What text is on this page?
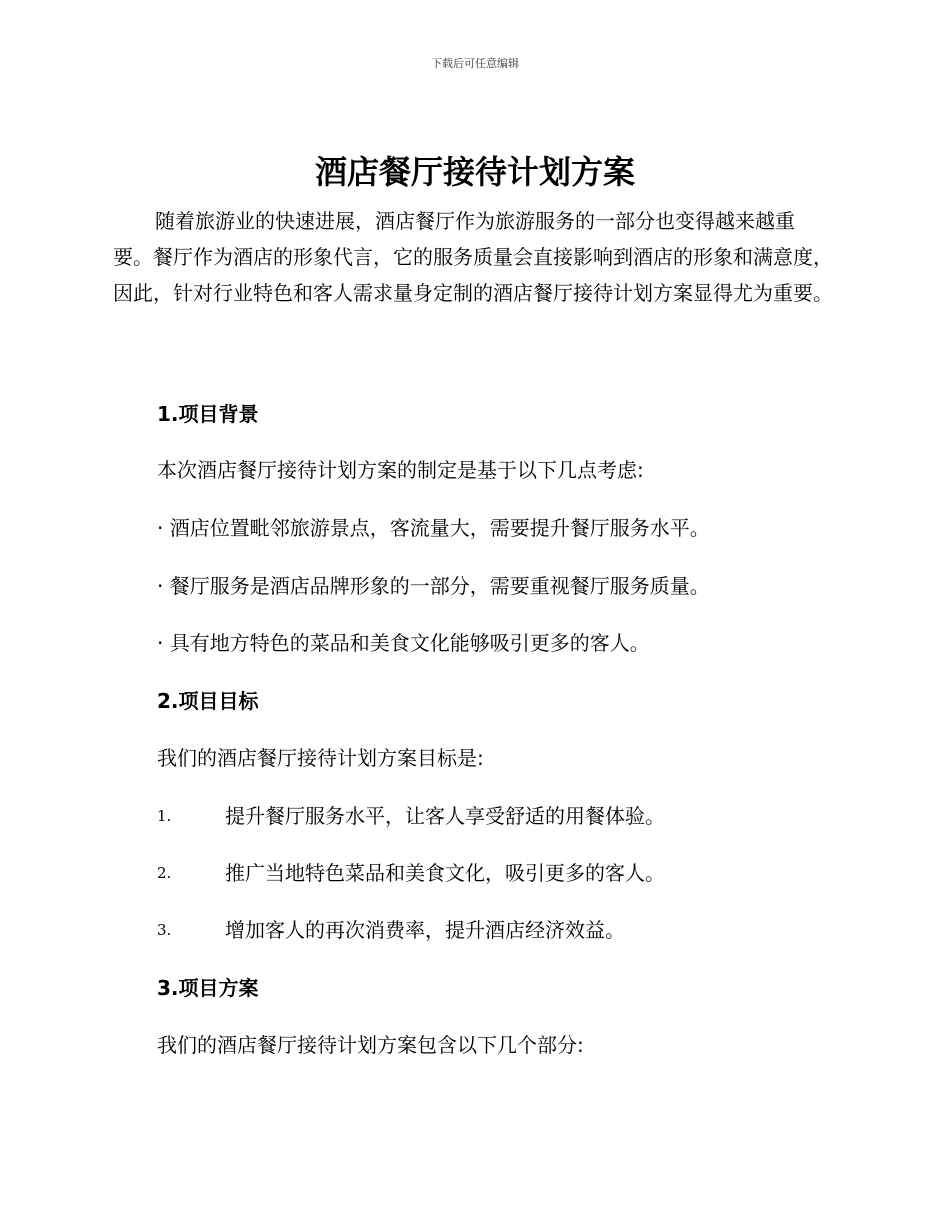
下载后可任意编辑
酒店餐厅接待计划方案

随着旅游业的快速进展，酒店餐厅作为旅游服务的一部分也变得越来越重要。餐厅作为酒店的形象代言，它的服务质量会直接影响到酒店的形象和满意度，因此，针对行业特色和客人需求量身定制的酒店餐厅接待计划方案显得尤为重要。

1.项目背景

本次酒店餐厅接待计划方案的制定是基于以下几点考虑:

· 酒店位置毗邻旅游景点，客流量大，需要提升餐厅服务水平。

· 餐厅服务是酒店品牌形象的一部分，需要重视餐厅服务质量。

· 具有地方特色的菜品和美食文化能够吸引更多的客人。

2.项目目标

我们的酒店餐厅接待计划方案目标是:

1.	提升餐厅服务水平，让客人享受舒适的用餐体验。
2.	推广当地特色菜品和美食文化，吸引更多的客人。
3.	增加客人的再次消费率，提升酒店经济效益。

3.项目方案

我们的酒店餐厅接待计划方案包含以下几个部分:
